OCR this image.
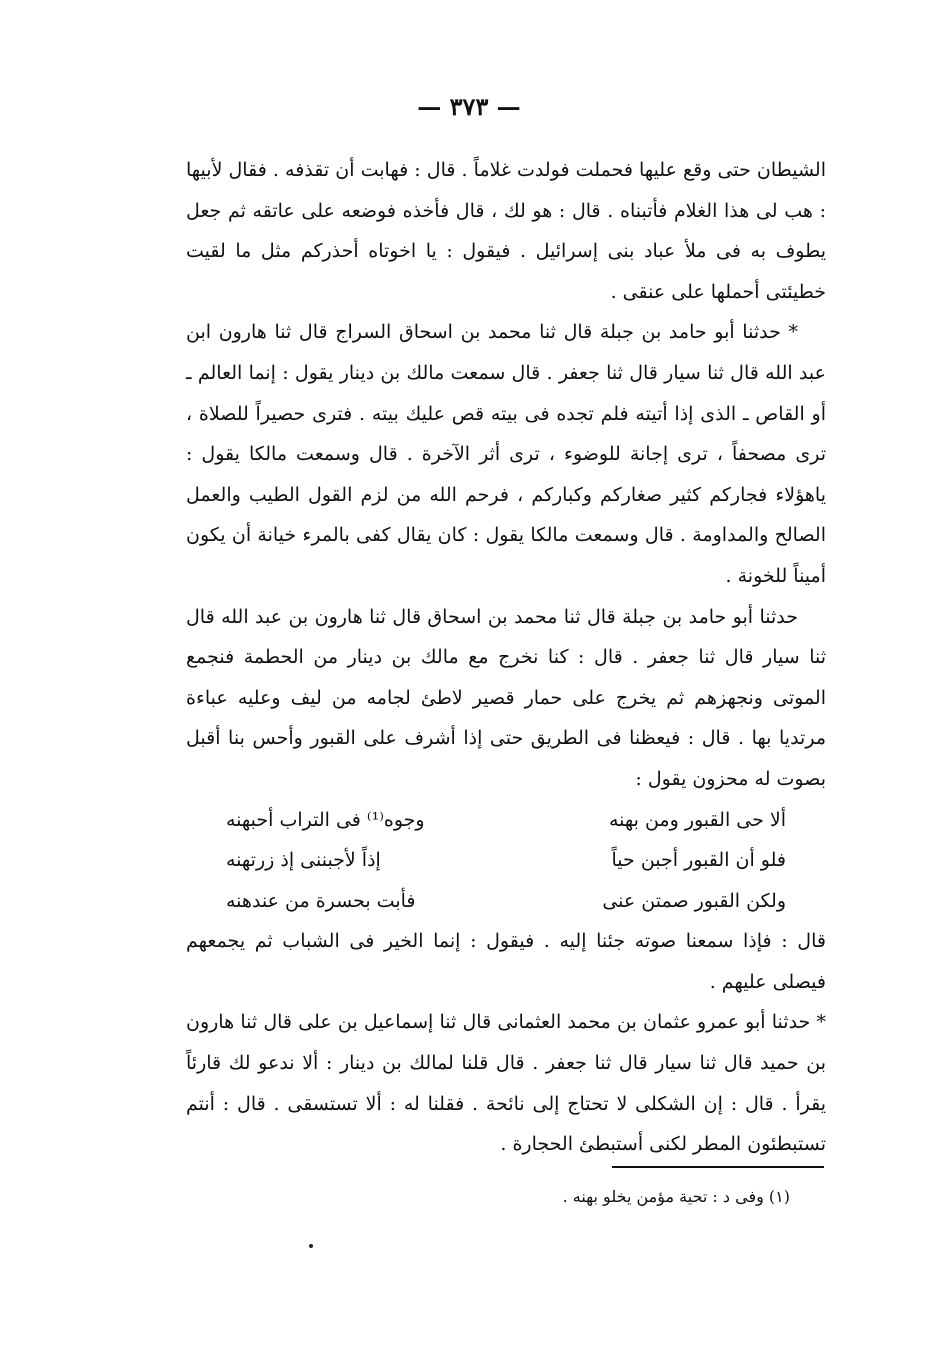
— ٣٧٣ —

الشيطان حتى وقع عليها فحملت فولدت غلاماً . قال : فهابت أن تقذفه . فقال لأبيها : هب لى هذا الغلام فأتبناه . قال : هو لك ، قال فأخذه فوضعه على عاتقه ثم جعل يطوف به فى ملأ عباد بنى إسرائيل . فيقول : يا اخوتاه أحذركم مثل ما لقيت خطيئتى أحملها على عنقى .

* حدثنا أبو حامد بن جبلة قال ثنا محمد بن اسحاق السراج قال ثنا هارون ابن عبد الله قال ثنا سيار قال ثنا جعفر . قال سمعت مالك بن دينار يقول : إنما العالم ـ أو القاص ـ الذى إذا أتيته فلم تجده فى بيته قص عليك بيته . فترى حصيراً للصلاة ، ترى مصحفاً ، ترى إجانة للوضوء ، ترى أثر الآخرة . قال وسمعت مالكا يقول : ياهؤلاء فجاركم كثير صغاركم وكباركم ، فرحم الله من لزم القول الطيب والعمل الصالح والمداومة . قال وسمعت مالكا يقول : كان يقال كفى بالمرء خيانة أن يكون أميناً للخونة .

حدثنا أبو حامد بن جبلة قال ثنا محمد بن اسحاق قال ثنا هارون بن عبد الله قال ثنا سيار قال ثنا جعفر . قال : كنا نخرج مع مالك بن دينار من الحطمة فنجمع الموتى ونجهزهم ثم يخرج على حمار قصير لاطئ لجامه من ليف وعليه عباءة مرتديا بها . قال : فيعظنا فى الطريق حتى إذا أشرف على القبور وأحس بنا أقبل بصوت له محزون يقول :

ألا حى القبور ومن بهنه
وجوه⁽¹⁾ فى التراب أحبهنه
فلو أن القبور أجبن حياً
إذاً لأجبننى إذ زرتهنه
ولكن القبور صمتن عنى
فأبت بحسرة من عندهنه

قال : فإذا سمعنا صوته جئنا إليه . فيقول : إنما الخير فى الشباب ثم يجمعهم فيصلى عليهم .

* حدثنا أبو عمرو عثمان بن محمد العثمانى قال ثنا إسماعيل بن على قال ثنا هارون بن حميد قال ثنا سيار قال ثنا جعفر . قال قلنا لمالك بن دينار : ألا ندعو لك قارئاً يقرأ . قال : إن الشكلى لا تحتاج إلى نائحة . فقلنا له : ألا تستسقى . قال : أنتم تستبطئون المطر لكنى أستبطئ الحجارة .

(١) وفى د : تحية مؤمن يخلو بهنه .
